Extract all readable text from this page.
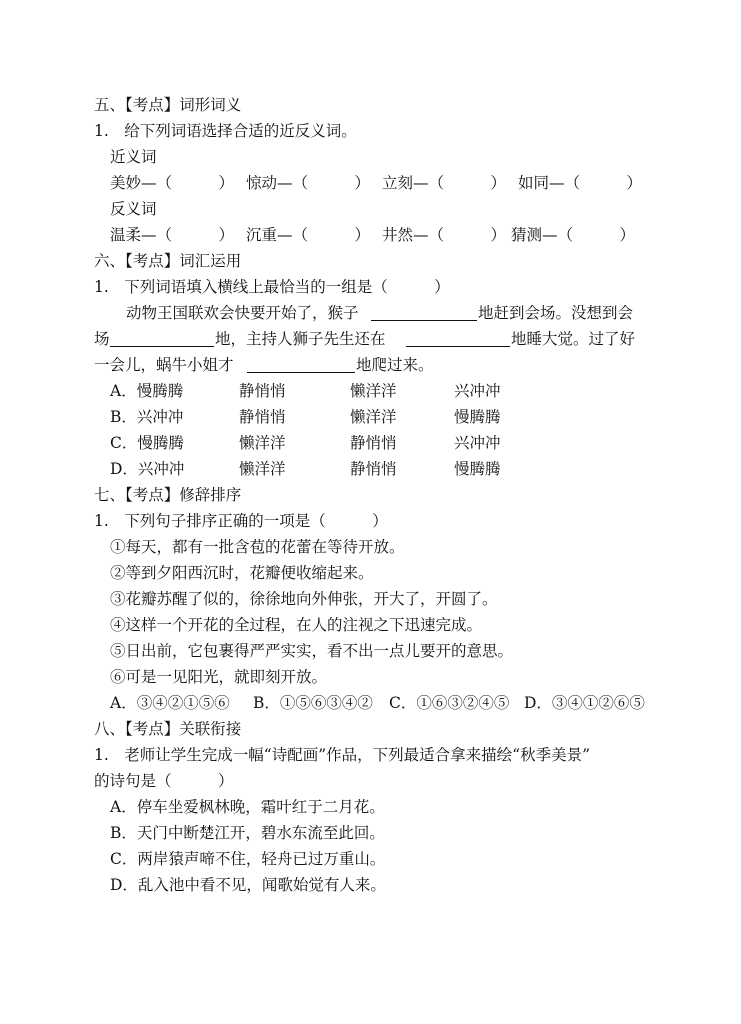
五、【考点】词形词义
1.　给下列词语选择合适的近反义词。
近义词
美妙—（　　　） 惊动—（　　　） 立刻—（　　　） 如同—（　　　）
反义词
温柔—（　　　） 沉重—（　　　） 井然—（　　　） 猜测—（　　　）
六、【考点】词汇运用
1.　下列词语填入横线上最恰当的一组是（　　　）
动物王国联欢会快要开始了，猴子	地赶到会场。没想到会
场	地，主持人狮子先生还在	地睡大觉。过了好
一会儿，蜗牛小姐才	地爬过来。
A．慢腾腾	静悄悄	懒洋洋	兴冲冲
B．兴冲冲	静悄悄	懒洋洋	慢腾腾
C．慢腾腾	懒洋洋	静悄悄	兴冲冲
D．兴冲冲	懒洋洋	静悄悄	慢腾腾
七、【考点】修辞排序
1.　下列句子排序正确的一项是（　　　）
①每天，都有一批含苞的花蕾在等待开放。
②等到夕阳西沉时，花瓣便收缩起来。
③花瓣苏醒了似的，徐徐地向外伸张，开大了，开圆了。
④这样一个开花的全过程，在人的注视之下迅速完成。
⑤日出前，它包裹得严严实实，看不出一点儿要开的意思。
⑥可是一见阳光，就即刻开放。
A．③④②①⑤⑥ B．①⑤⑥③④② C．①⑥③②④⑤ D．③④①②⑥⑤
八、【考点】关联衔接
1.　老师让学生完成一幅“诗配画”作品，下列最适合拿来描绘“秋季美景”
的诗句是（　　　）
A．停车坐爱枫林晚，霜叶红于二月花。
B．天门中断楚江开，碧水东流至此回。
C．两岸猿声啼不住，轻舟已过万重山。
D．乱入池中看不见，闻歌始觉有人来。
